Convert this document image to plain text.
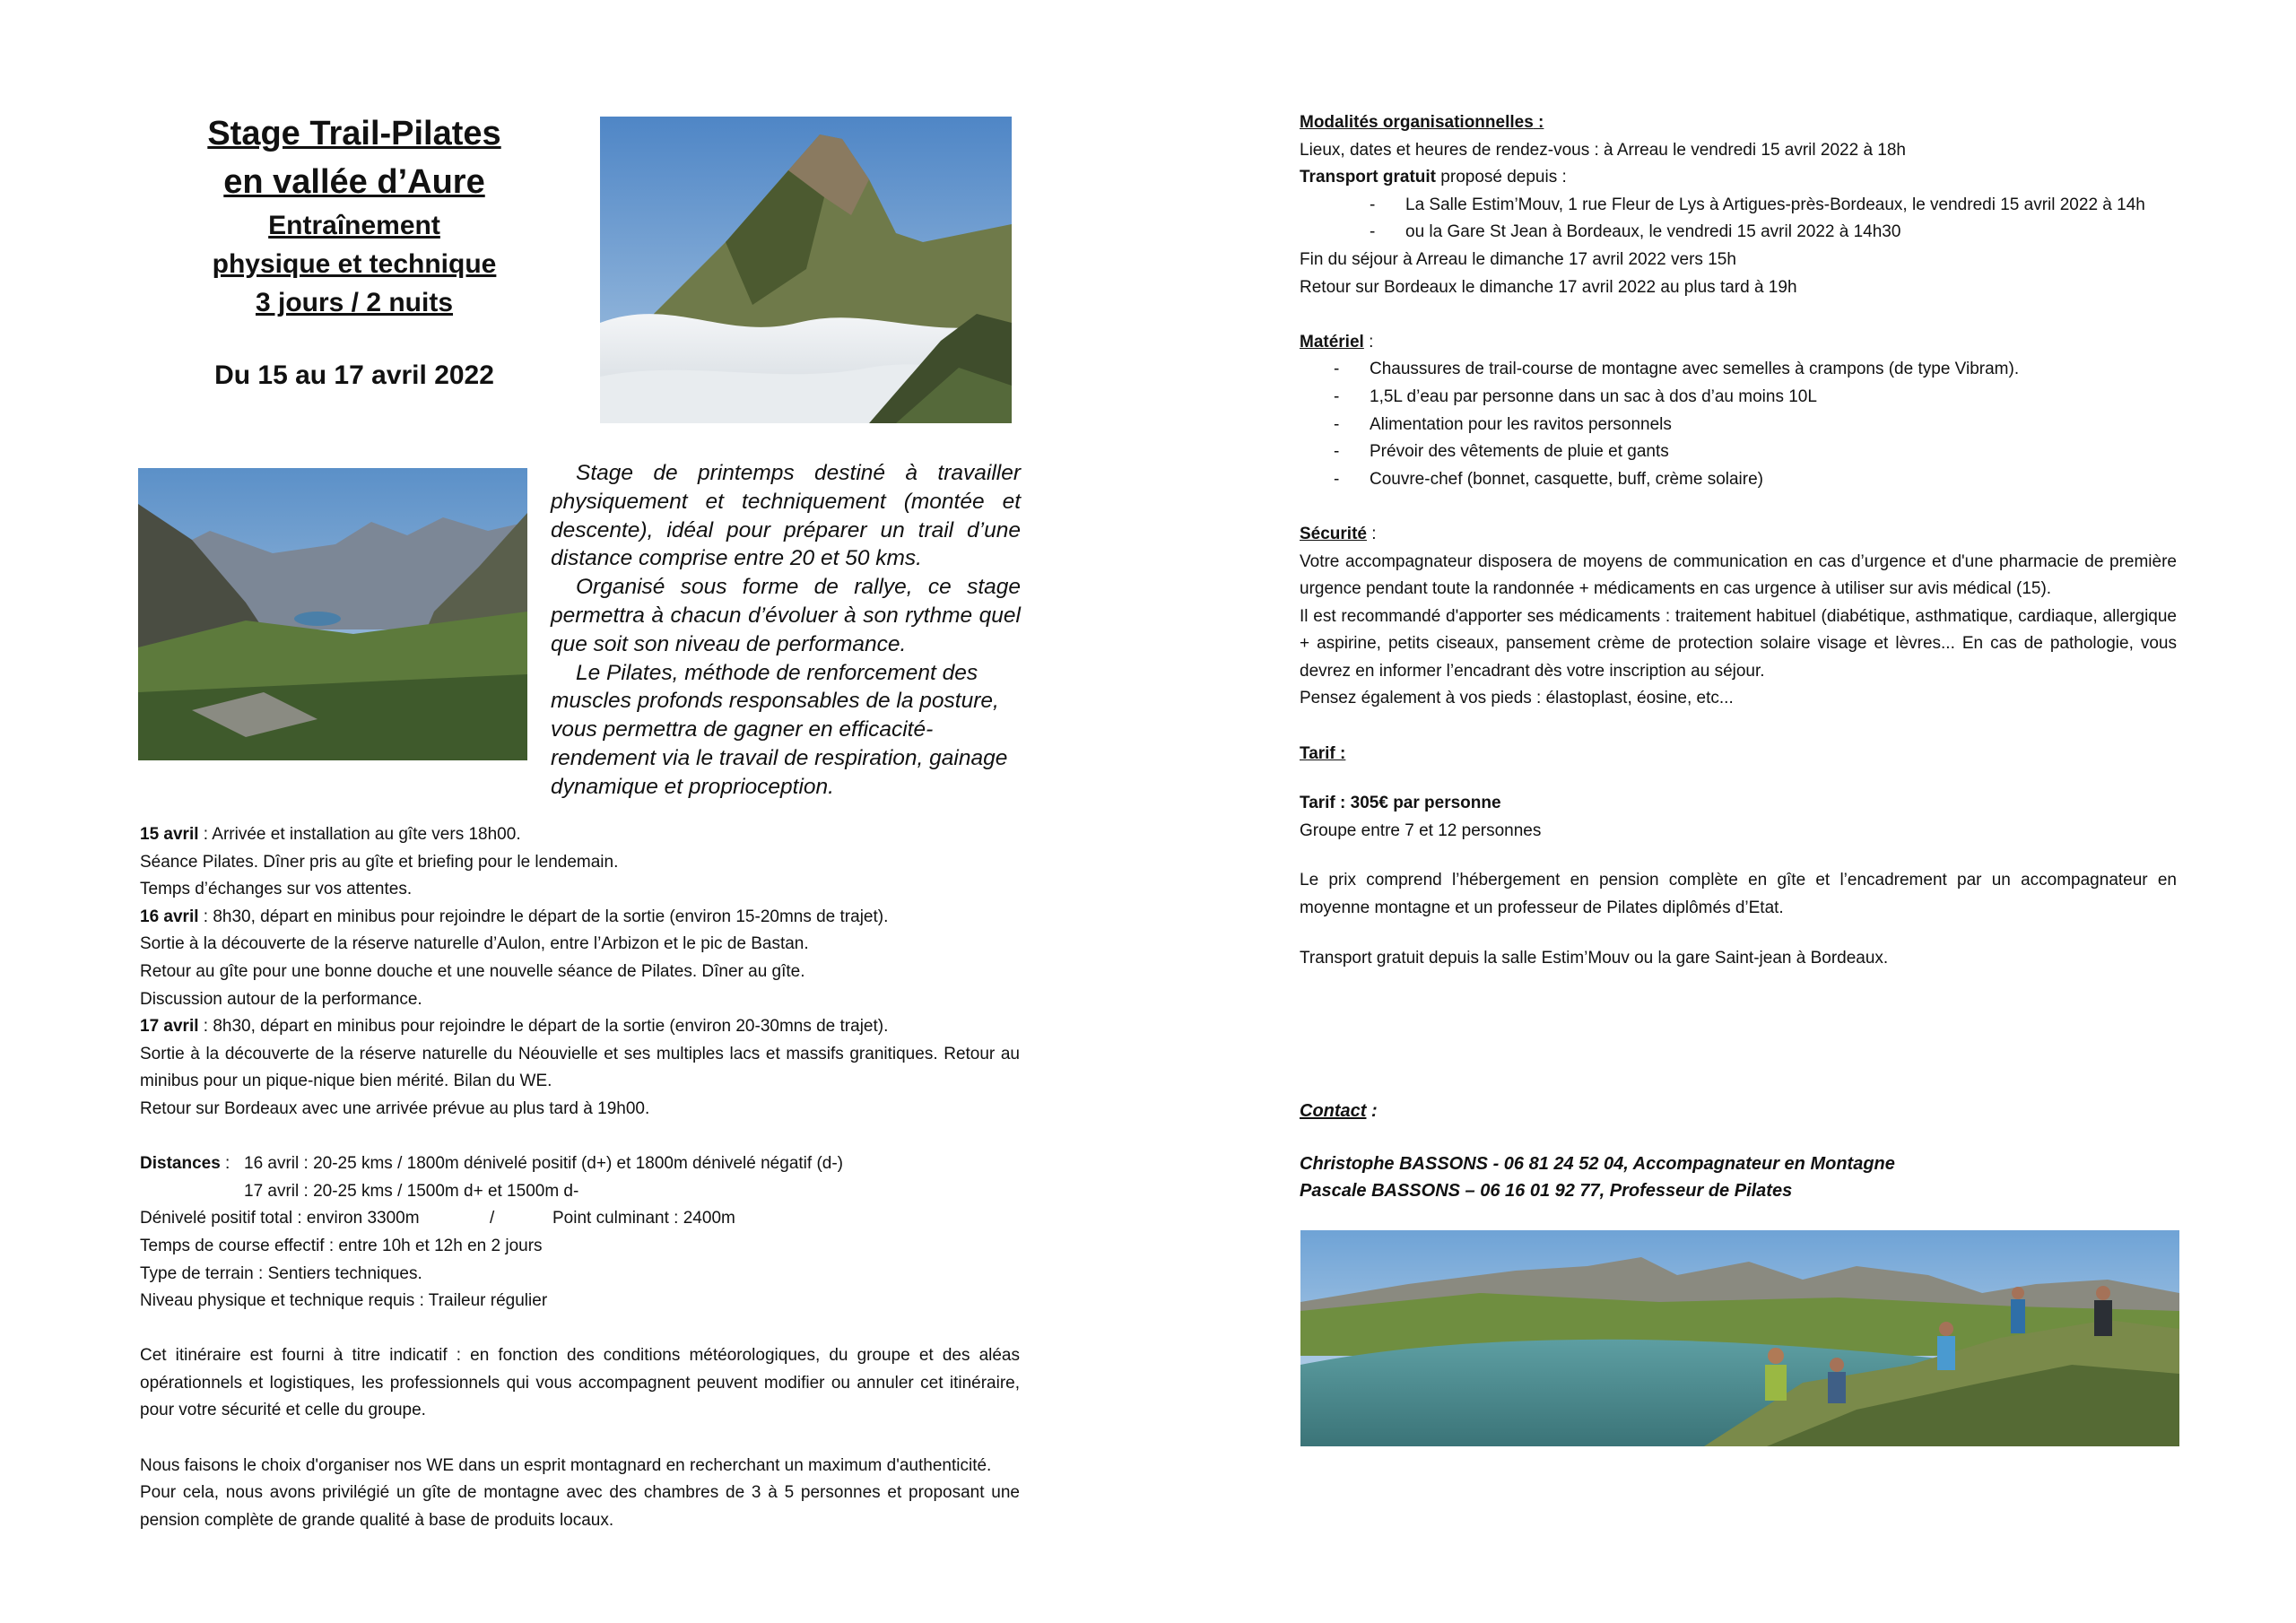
Stage Trail-Pilates
en vallée d’Aure
Entraînement
physique et technique
3 jours / 2 nuits
Du 15 au 17 avril 2022

Stage de printemps destiné à travailler physiquement et techniquement (montée et descente), idéal pour préparer un trail d’une distance comprise entre 20 et 50 kms.

Organisé sous forme de rallye, ce stage permettra à chacun d’évoluer à son rythme quel que soit son niveau de performance.

Le Pilates, méthode de renforcement des muscles profonds responsables de la posture, vous permettra de gagner en efficacité-rendement via le travail de respiration, gainage dynamique et proprioception.

15 avril : Arrivée et installation au gîte vers 18h00.
Séance Pilates. Dîner pris au gîte et briefing pour le lendemain.
Temps d’échanges sur vos attentes.
16 avril : 8h30, départ en minibus pour rejoindre le départ de la sortie (environ 15-20mns de trajet).
Sortie à la découverte de la réserve naturelle d’Aulon, entre l’Arbizon et le pic de Bastan.
Retour au gîte pour une bonne douche et une nouvelle séance de Pilates. Dîner au gîte.
Discussion autour de la performance.
17 avril : 8h30, départ en minibus pour rejoindre le départ de la sortie (environ 20-30mns de trajet).
Sortie à la découverte de la réserve naturelle du Néouvielle et ses multiples lacs et massifs granitiques. Retour au minibus pour un pique-nique bien mérité. Bilan du WE.
Retour sur Bordeaux avec une arrivée prévue au plus tard à 19h00.
Distances : 16 avril : 20-25 kms / 1800m dénivelé positif (d+) et 1800m dénivelé négatif (d-)
17 avril : 20-25 kms / 1500m d+ et 1500m d-
Dénivelé positif total : environ 3300m	/	Point culminant : 2400m
Temps de course effectif : entre 10h et 12h en 2 jours
Type de terrain : Sentiers techniques.
Niveau physique et technique requis : Traileur régulier
Cet itinéraire est fourni à titre indicatif : en fonction des conditions météorologiques, du groupe et des aléas opérationnels et logistiques, les professionnels qui vous accompagnent peuvent modifier ou annuler cet itinéraire, pour votre sécurité et celle du groupe.
Nous faisons le choix d'organiser nos WE dans un esprit montagnard en recherchant un maximum d'authenticité.
Pour cela, nous avons privilégié un gîte de montagne avec des chambres de 3 à 5 personnes et proposant une pension complète de grande qualité à base de produits locaux.
Modalités organisationnelles :
Lieux, dates et heures de rendez-vous : à Arreau le vendredi 15 avril 2022 à 18h
Transport gratuit proposé depuis :
- La Salle Estim’Mouv, 1 rue Fleur de Lys à Artigues-près-Bordeaux, le vendredi 15 avril 2022 à 14h
- ou la Gare St Jean à Bordeaux, le vendredi 15 avril 2022 à 14h30
Fin du séjour à Arreau le dimanche 17 avril 2022 vers 15h
Retour sur Bordeaux le dimanche 17 avril 2022 au plus tard à 19h
Matériel :
- Chaussures de trail-course de montagne avec semelles à crampons (de type Vibram).
- 1,5L d’eau par personne dans un sac à dos d’au moins 10L
- Alimentation pour les ravitos personnels
- Prévoir des vêtements de pluie et gants
- Couvre-chef (bonnet, casquette, buff, crème solaire)
Sécurité :
Votre accompagnateur disposera de moyens de communication en cas d’urgence et d'une pharmacie de première urgence pendant toute la randonnée + médicaments en cas urgence à utiliser sur avis médical (15).
Il est recommandé d'apporter ses médicaments : traitement habituel (diabétique, asthmatique, cardiaque, allergique + aspirine, petits ciseaux, pansement crème de protection solaire visage et lèvres... En cas de pathologie, vous devrez en informer l’encadrant dès votre inscription au séjour.
Pensez également à vos pieds : élastoplast, éosine, etc...
Tarif :
Tarif : 305€ par personne
Groupe entre 7 et 12 personnes
Le prix comprend l’hébergement en pension complète en gîte et l’encadrement par un accompagnateur en moyenne montagne et un professeur de Pilates diplômés d’Etat.
Transport gratuit depuis la salle Estim’Mouv ou la gare Saint-jean à Bordeaux.
Contact :
Christophe BASSONS - 06 81 24 52 04, Accompagnateur en Montagne
Pascale BASSONS – 06 16 01 92 77, Professeur de Pilates
